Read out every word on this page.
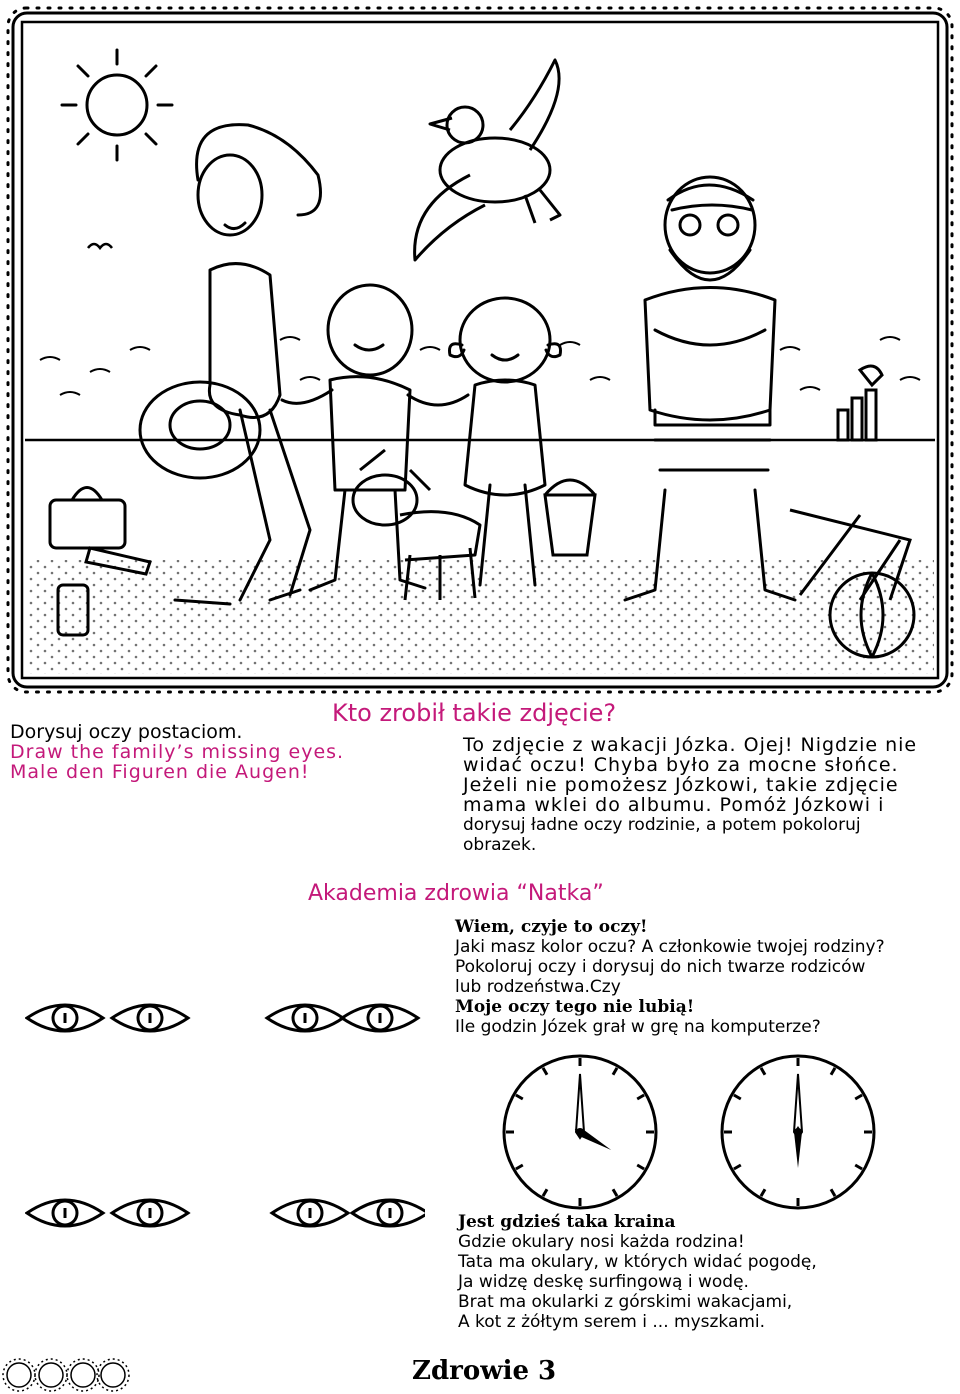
Kto zrobił takie zdjęcie?
Dorysuj oczy postaciom.
Draw the family’s missing eyes.
Male den Figuren die Augen!
To zdjęcie z wakacji Józka. Ojej! Nigdzie nie
widać oczu! Chyba było za mocne słońce.
Jeżeli nie pomożesz Józkowi, takie zdjęcie
mama wklei do albumu. Pomóż Józkowi i
dorysuj ładne oczy rodzinie, a potem pokoloruj
obrazek.
Akademia zdrowia “Natka”
Wiem, czyje to oczy!
Jaki masz kolor oczu? A członkowie twojej rodziny?
Pokoloruj oczy i dorysuj do nich twarze rodziców
lub rodzeństwa.Czy
Moje oczy tego nie lubią!
Ile godzin Józek grał w grę na komputerze?
Jest gdzieś taka kraina
Gdzie okulary nosi każda rodzina!
Tata ma okulary, w których widać pogodę,
Ja widzę deskę surfingową i wodę.
Brat ma okularki z górskimi wakacjami,
A kot z żółtym serem i ... myszkami.
Zdrowie 3
